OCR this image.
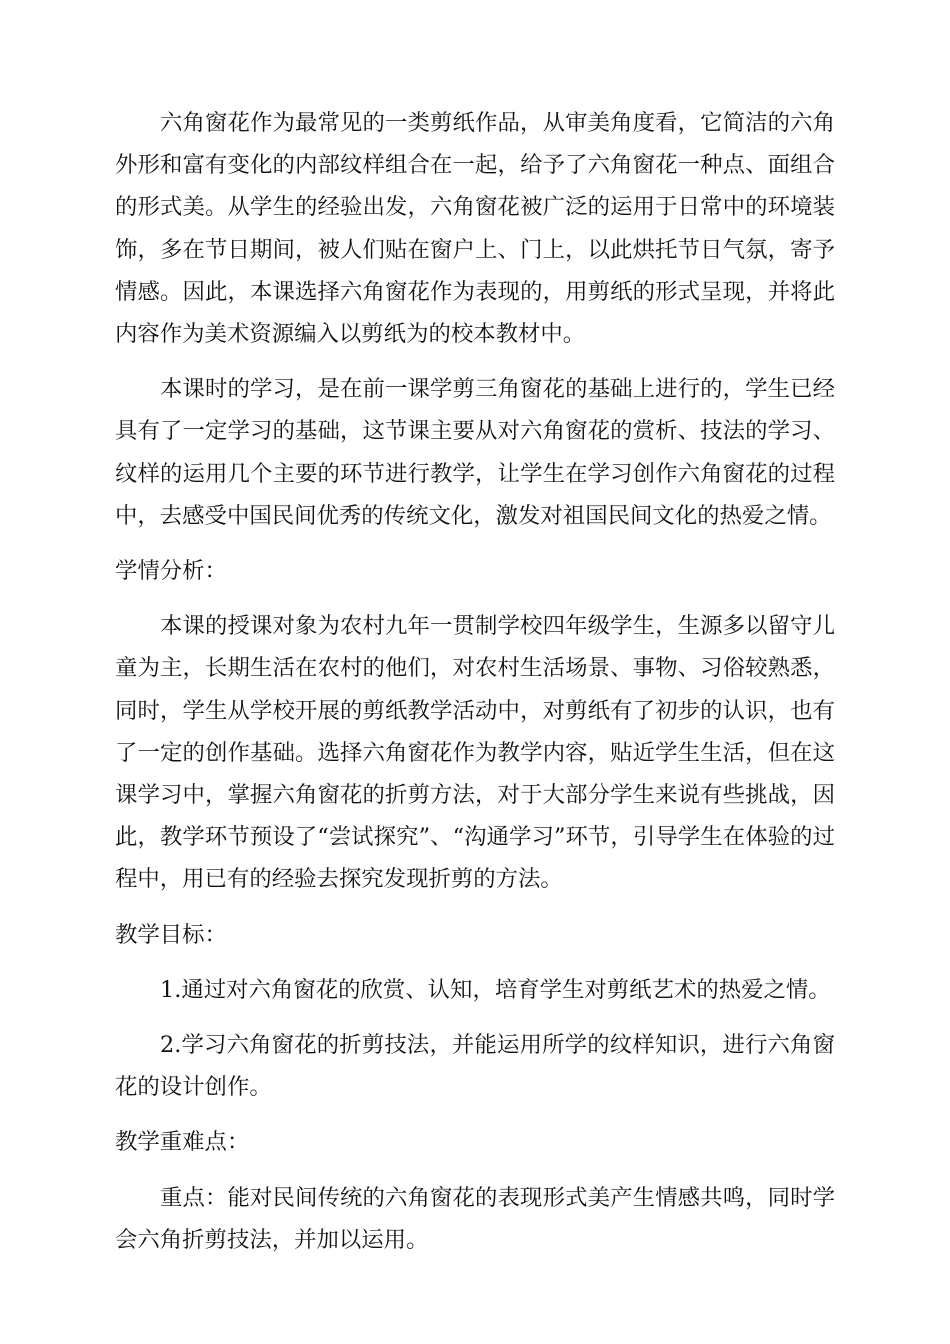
六角窗花作为最常见的一类剪纸作品，从审美角度看，它简洁的六角外形和富有变化的内部纹样组合在一起，给予了六角窗花一种点、面组合的形式美。从学生的经验出发，六角窗花被广泛的运用于日常中的环境装饰，多在节日期间，被人们贴在窗户上、门上，以此烘托节日气氛，寄予情感。因此，本课选择六角窗花作为表现的，用剪纸的形式呈现，并将此内容作为美术资源编入以剪纸为的校本教材中。

本课时的学习，是在前一课学剪三角窗花的基础上进行的，学生已经具有了一定学习的基础，这节课主要从对六角窗花的赏析、技法的学习、纹样的运用几个主要的环节进行教学，让学生在学习创作六角窗花的过程中，去感受中国民间优秀的传统文化，激发对祖国民间文化的热爱之情。

学情分析：

本课的授课对象为农村九年一贯制学校四年级学生，生源多以留守儿童为主，长期生活在农村的他们，对农村生活场景、事物、习俗较熟悉，同时，学生从学校开展的剪纸教学活动中，对剪纸有了初步的认识，也有了一定的创作基础。选择六角窗花作为教学内容，贴近学生生活，但在这课学习中，掌握六角窗花的折剪方法，对于大部分学生来说有些挑战，因此，教学环节预设了“尝试探究”、“沟通学习”环节，引导学生在体验的过程中，用已有的经验去探究发现折剪的方法。

教学目标：

1.通过对六角窗花的欣赏、认知，培育学生对剪纸艺术的热爱之情。

2.学习六角窗花的折剪技法，并能运用所学的纹样知识，进行六角窗花的设计创作。

教学重难点：

重点：能对民间传统的六角窗花的表现形式美产生情感共鸣，同时学会六角折剪技法，并加以运用。
